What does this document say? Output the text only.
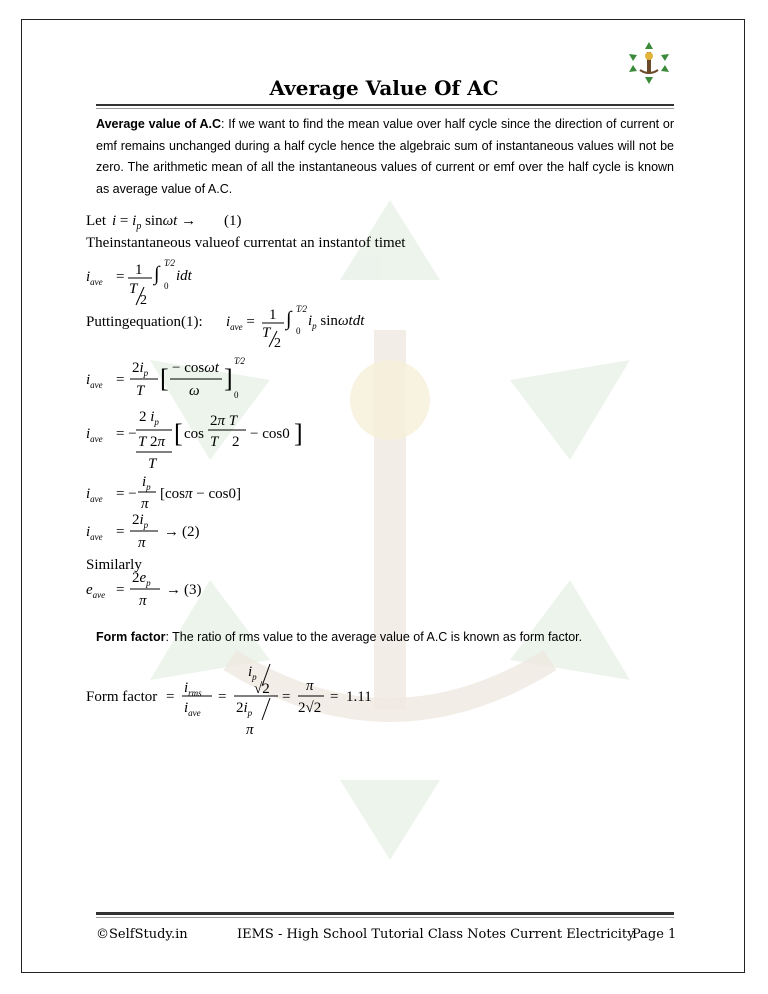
Average Value Of AC
Average value of A.C: If we want to find the mean value over half cycle since the direction of current or emf remains unchanged during a half cycle hence the algebraic sum of instantaneous values will not be zero. The arithmetic mean of all the instantaneous values of current or emf over the half cycle is known as average value of A.C.
Let $i = i_p$ sinωt → (1)
Theinstantaneous valueof currentat an instantof timet
$i_{ave} = 1$
T
2
∫ T⁄2
0
idt
Puttingequation(1): $i_{ave} = 1$
T
2
∫ T⁄2
0
$i_p$ sinωtdt
$i_{ave}$ =
$2i_p$
T [ − cosωt
ω ]
T⁄2
0
$i_{ave}$ = −
2 $i_p$
T 2π
T
[ cos
2π T
T 2 − cos0 ]
$i_{ave}$ = −
$i_p$
π
[cosπ − cos0]
$i_{ave}$ =
$2i_p$
π
→ (2)
Similarly
$e_{ave}$ =
$2e_p$
π
→ (3)
Form factor: The ratio of rms value to the average value of A.C is known as form factor.
Form factor =
$i_{rms}$
$i_{ave}$
=
$i_p$
√2
$2i_p$
π
=
π
2√2
= 1.11
©SelfStudy.in	IEMS - High School Tutorial Class Notes Current Electricity
Page 1
